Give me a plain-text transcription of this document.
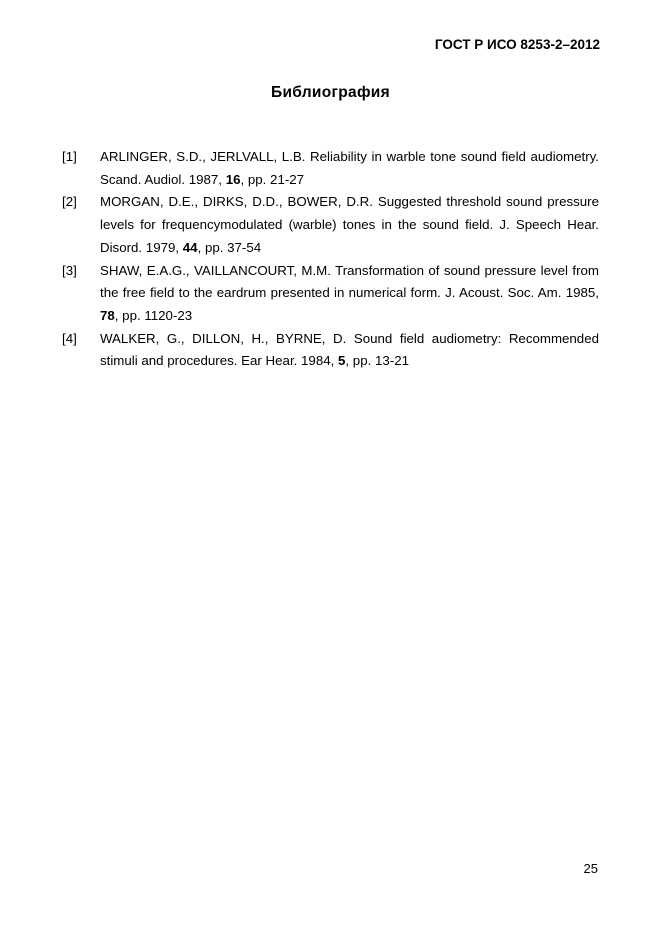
ГОСТ Р ИСО 8253-2–2012
Библиография
[1]	ARLINGER, S.D., JERLVALL, L.B. Reliability in warble tone sound field audiometry. Scand. Audiol. 1987, 16, pp. 21-27
[2]	MORGAN, D.E., DIRKS, D.D., BOWER, D.R. Suggested threshold sound pressure levels for frequencymodulated (warble) tones in the sound field. J. Speech Hear. Disord. 1979, 44, pp. 37-54
[3]	SHAW, E.A.G., VAILLANCOURT, M.M. Transformation of sound pressure level from the free field to the eardrum presented in numerical form. J. Acoust. Soc. Am. 1985, 78, pp. 1120-23
[4]	WALKER, G., DILLON, H., BYRNE, D. Sound field audiometry: Recommended stimuli and procedures. Ear Hear. 1984, 5, pp. 13-21
25
